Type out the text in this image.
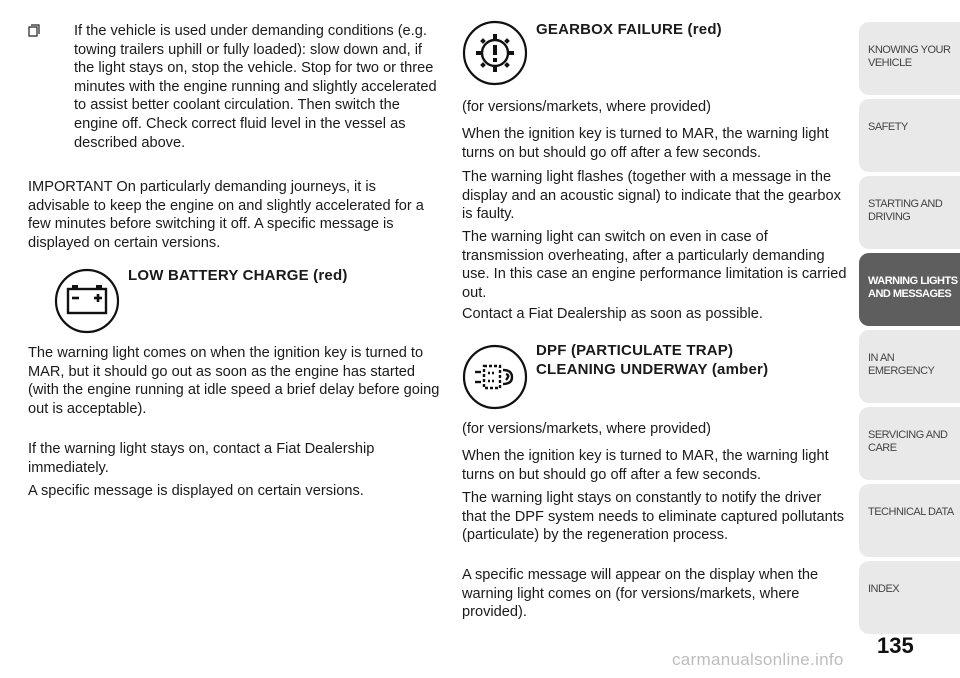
If the vehicle is used under demanding conditions (e.g. towing trailers uphill or fully loaded): slow down and, if the light stays on, stop the vehicle. Stop for two or three minutes with the engine running and slightly accelerated to assist better coolant circulation. Then switch the engine off. Check correct fluid level in the vessel as described above.

IMPORTANT On particularly demanding journeys, it is advisable to keep the engine on and slightly accelerated for a few minutes before switching it off. A specific message is displayed on certain versions.

LOW BATTERY CHARGE (red)

The warning light comes on when the ignition key is turned to MAR, but it should go out as soon as the engine has started (with the engine running at idle speed a brief delay before going out is acceptable).

If the warning light stays on, contact a Fiat Dealership immediately.

A specific message is displayed on certain versions.

GEARBOX FAILURE (red)

(for versions/markets, where provided)

When the ignition key is turned to MAR, the warning light turns on but should go off after a few seconds.

The warning light flashes (together with a message in the display and an acoustic signal) to indicate that the gearbox is faulty.

The warning light can switch on even in case of transmission overheating, after a particularly demanding use. In this case an engine performance limitation is carried out.

Contact a Fiat Dealership as soon as possible.

DPF (PARTICULATE TRAP)
CLEANING UNDERWAY (amber)

(for versions/markets, where provided)

When the ignition key is turned to MAR, the warning light turns on but should go off after a few seconds.

The warning light stays on constantly to notify the driver that the DPF system needs to eliminate captured pollutants (particulate) by the regeneration process.

A specific message will appear on the display when the warning light comes on (for versions/markets, where provided).

KNOWING YOUR
VEHICLE
SAFETY
STARTING AND
DRIVING
WARNING LIGHTS
AND MESSAGES
IN AN EMERGENCY
SERVICING AND
CARE
TECHNICAL DATA
INDEX
135
carmanualsonline.info
